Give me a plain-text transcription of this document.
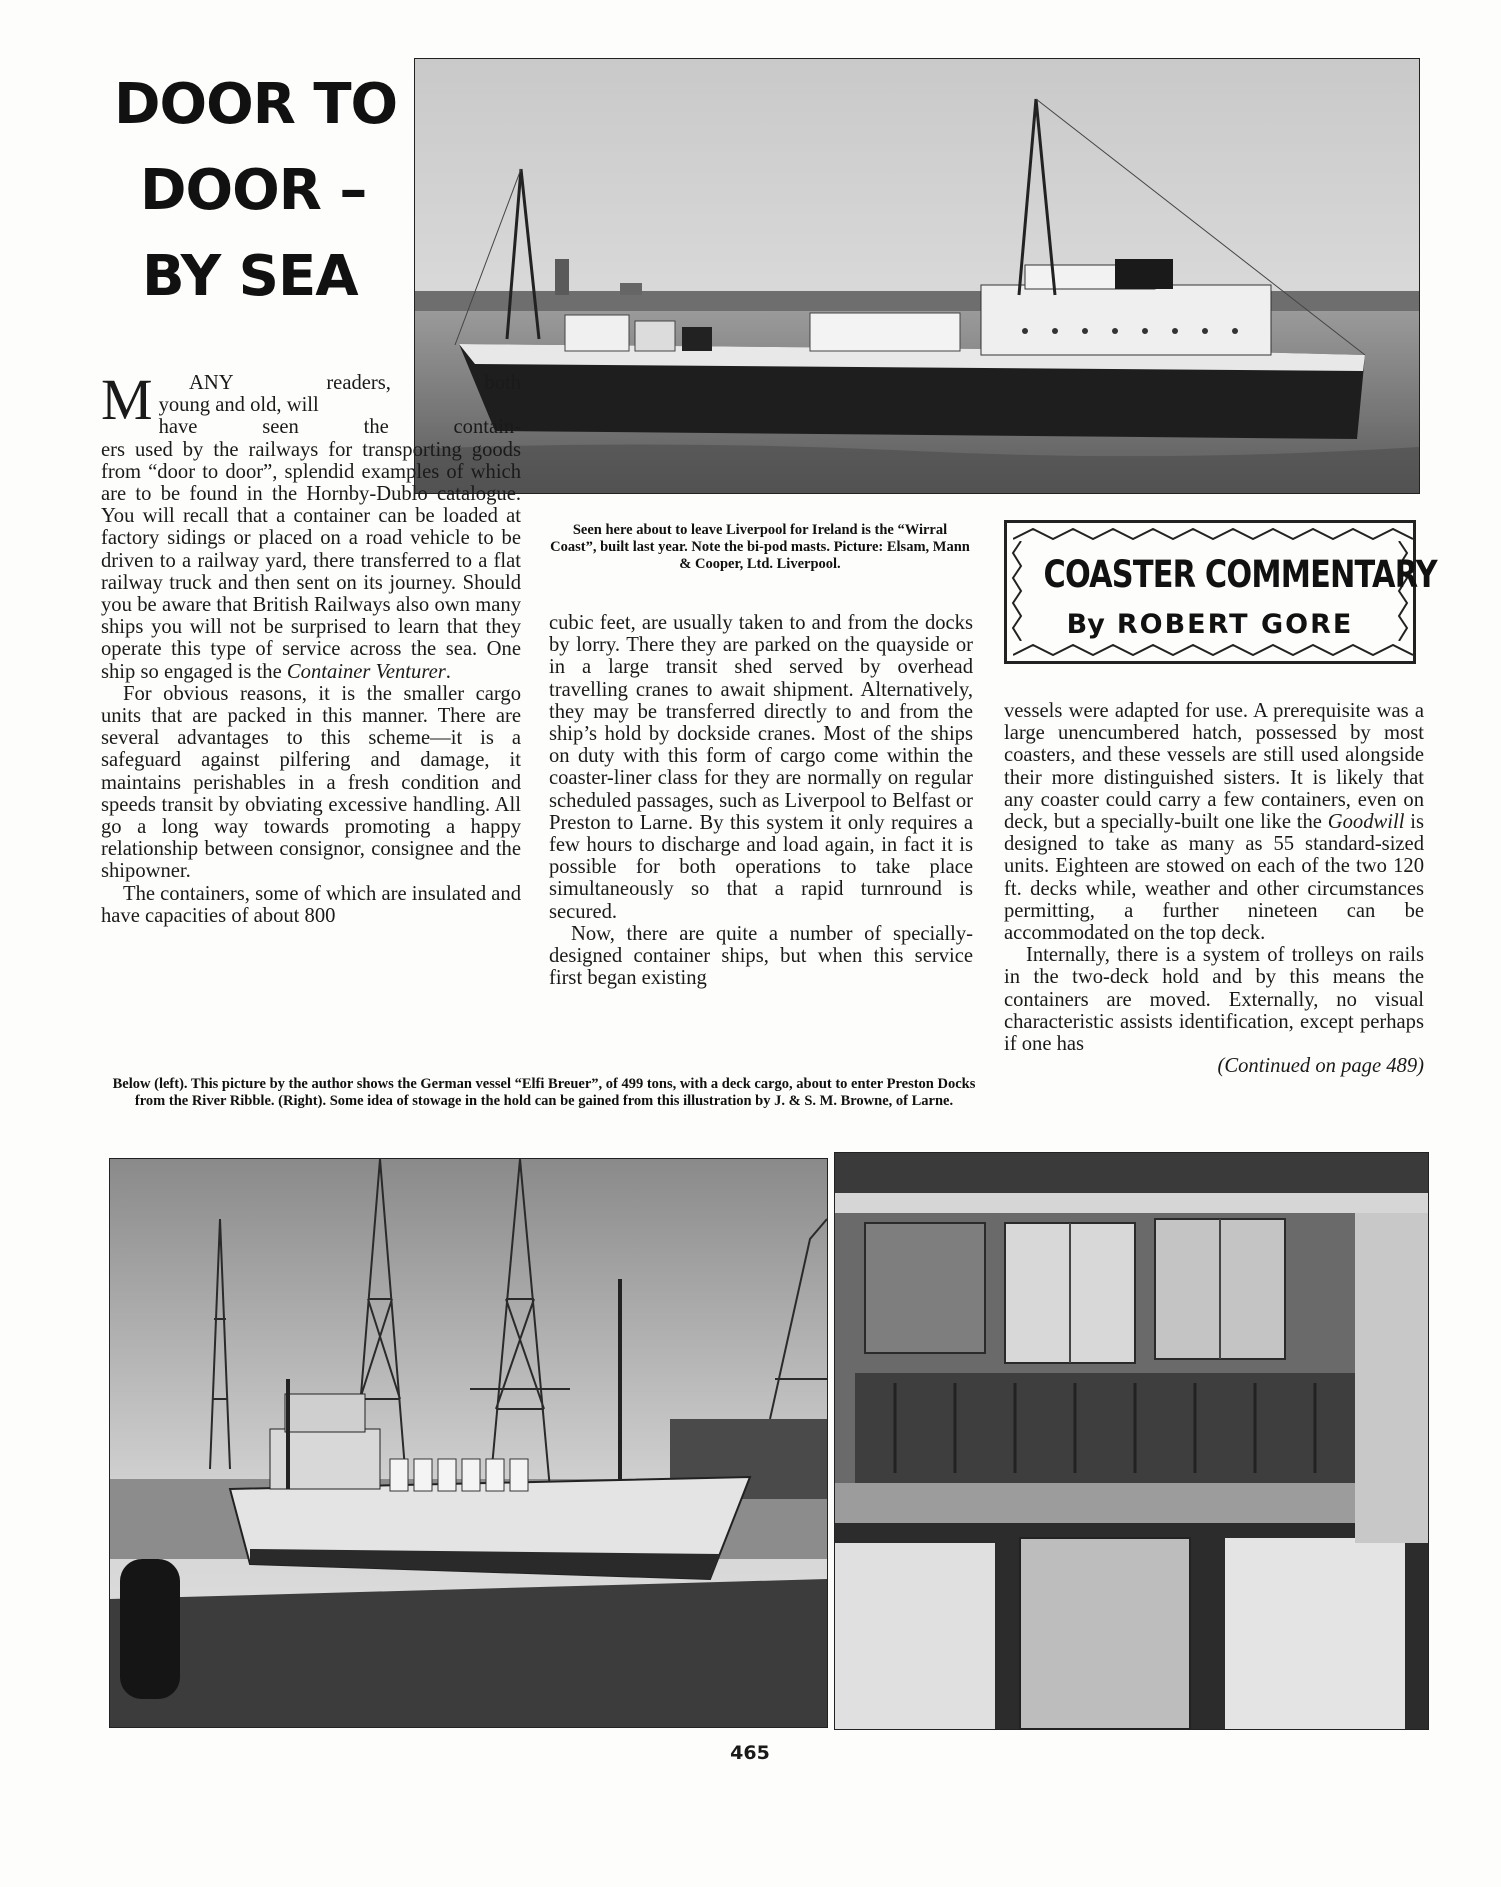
DOOR TO
DOOR –
BY SEA
Seen here about to leave Liverpool for Ireland is the “Wirral Coast”, built last year. Note the bi-pod masts. Picture: Elsam, Mann & Cooper, Ltd. Liverpool.

M	ANY readers, both
young and old, will
have seen the contain-
ers used by the railways for transporting goods from “door to door”, splendid examples of which are to be found in the Hornby-Dublo catalogue. You will recall that a container can be loaded at factory sidings or placed on a road vehicle to be driven to a railway yard, there transferred to a flat railway truck and then sent on its journey. Should you be aware that British Railways also own many ships you will not be surprised to learn that they operate this type of service across the sea. One ship so engaged is the Container Venturer.

For obvious reasons, it is the smaller cargo units that are packed in this manner. There are several advantages to this scheme—it is a safeguard against pilfering and damage, it maintains perishables in a fresh condition and speeds transit by obviating excessive handling. All go a long way towards promoting a happy relationship between consignor, consignee and the shipowner.

The containers, some of which are insulated and have capacities of about 800

cubic feet, are usually taken to and from the docks by lorry. There they are parked on the quayside or in a large transit shed served by overhead travelling cranes to await shipment. Alternatively, they may be transferred directly to and from the ship’s hold by dockside cranes. Most of the ships on duty with this form of cargo come within the coaster-liner class for they are normally on regular scheduled passages, such as Liverpool to Belfast or Preston to Larne. By this system it only requires a few hours to discharge and load again, in fact it is possible for both operations to take place simultaneously so that a rapid turnround is secured.

Now, there are quite a number of specially-designed container ships, but when this service first began existing

COASTER COMMENTARY
By ROBERT GORE

vessels were adapted for use. A prerequisite was a large unencumbered hatch, possessed by most coasters, and these vessels are still used alongside their more distinguished sisters. It is likely that any coaster could carry a few containers, even on deck, but a specially-built one like the Goodwill is designed to take as many as 55 standard-sized units. Eighteen are stowed on each of the two 120 ft. decks while, weather and other circumstances permitting, a further nineteen can be accommodated on the top deck.

Internally, there is a system of trolleys on rails in the two-deck hold and by this means the containers are moved. Externally, no visual characteristic assists identification, except perhaps if one has

(Continued on page 489)
Below (left). This picture by the author shows the German vessel “Elfi Breuer”, of 499 tons, with a deck cargo, about to enter Preston Docks from the River Ribble. (Right). Some idea of stowage in the hold can be gained from this illustration by J. & S. M. Browne, of Larne.
465
